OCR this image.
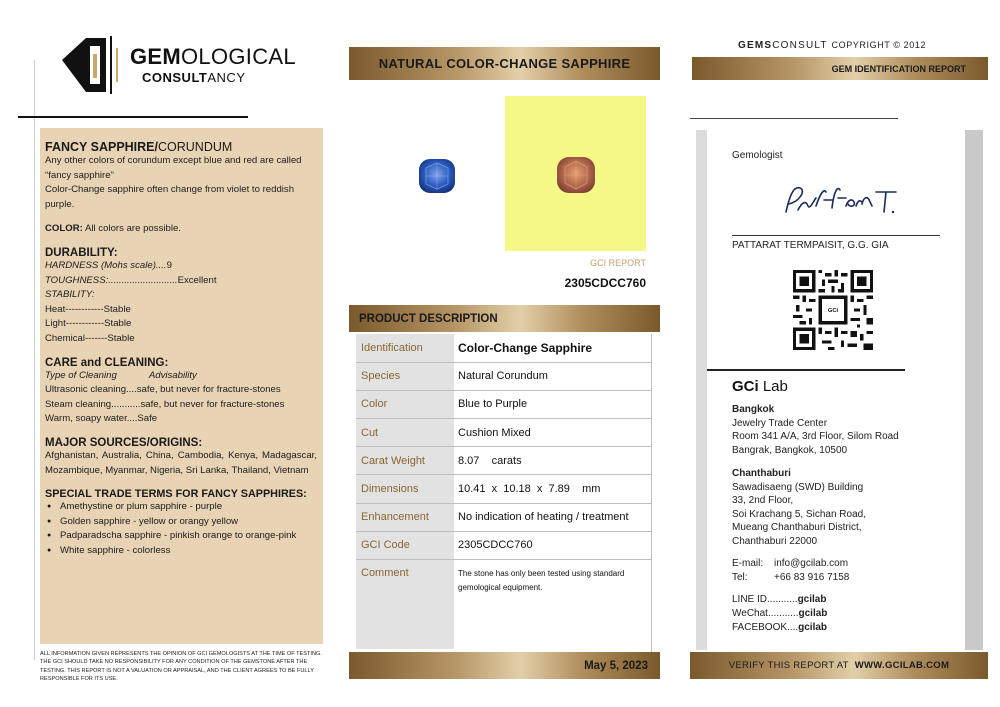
GEMOLOGICAL
CONSULTANCY
FANCY SAPPHIRE/CORUNDUM
Any other colors of corundum except blue and red are called “fancy sapphire”
Color-Change sapphire often change from violet to reddish purple.
COLOR: All colors are possible.
DURABILITY:
HARDNESS (Mohs scale)....9
TOUGHNESS:..........................Excellent
STABILITY:
Heat------------Stable
Light------------Stable
Chemical-------Stable
CARE and CLEANING:
Type of Cleaning	Advisability
Ultrasonic cleaning....safe, but never for fracture-stones
Steam cleaning...........safe, but never for fracture-stones
Warm, soapy water....Safe
MAJOR SOURCES/ORIGINS:
Afghanistan, Australia, China, Cambodia, Kenya, Madagascar, Mozambique, Myanmar, Nigeria, Sri Lanka, Thailand, Vietnam
SPECIAL TRADE TERMS FOR FANCY SAPPHIRES:
● Amethystine or plum sapphire - purple
● Golden sapphire - yellow or orangy yellow
● Padparadscha sapphire - pinkish orange to orange-pink
● White sapphire - colorless
ALL INFORMATION GIVEN REPRESENTS THE OPINION OF GCI GEMOLOGISTS AT THE TIME OF TESTING. THE GCI SHOULD TAKE NO RESPONSIBILITY FOR ANY CONDITION OF THE GEMSTONE AFTER THE TESTING. THIS REPORT IS NOT A VALUATION OR APPRAISAL, AND THE CLIENT AGREES TO BE FULLY RESPONSIBLE FOR ITS USE.
NATURAL COLOR-CHANGE SAPPHIRE
GCI REPORT
2305CDCC760
PRODUCT DESCRIPTION
Identification	Color-Change Sapphire
Species	Natural Corundum
Color	Blue to Purple
Cut	Cushion Mixed
Carat Weight	8.07    carats
Dimensions	10.41  x  10.18  x  7.89    mm
Enhancement	No indication of heating / treatment
GCI Code	2305CDCC760
Comment	The stone has only been tested using standard gemological equipment.
May 5, 2023
GEMSCONSULT COPYRIGHT © 2012
GEM IDENTIFICATION REPORT
Gemologist
PATTARAT TERMPAISIT, G.G. GIA
GCi
GCi Lab
Bangkok
Jewelry Trade Center
Room 341 A/A, 3rd Floor, Silom Road
Bangrak, Bangkok, 10500
Chanthaburi
Sawadisaeng (SWD) Building
33, 2nd Floor,
Soi Krachang 5, Sichan Road,
Mueang Chanthaburi District,
Chanthaburi 22000
E-mail:	info@gcilab.com
Tel:	+66 83 916 7158
LINE ID...........gcilab
WeChat...........gcilab
FACEBOOK....gcilab
VERIFY THIS REPORT AT WWW.GCILAB.COM
